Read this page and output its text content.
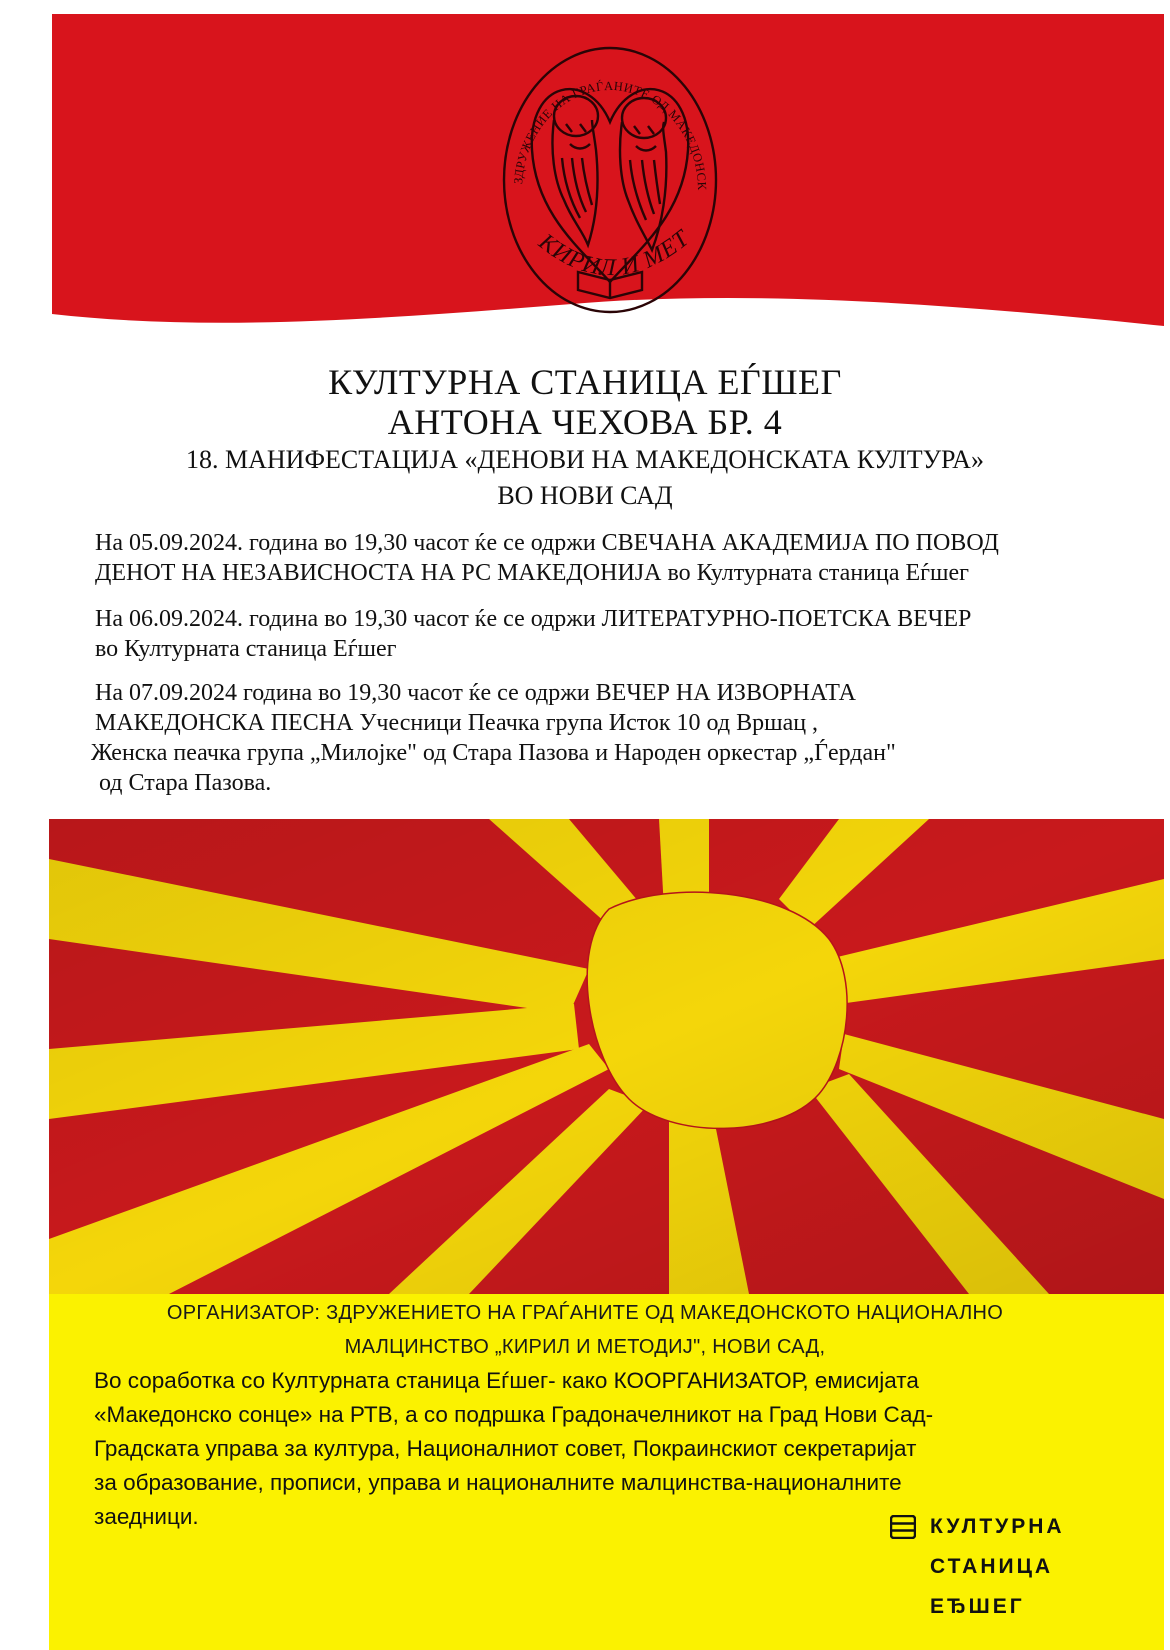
ЗДРУЖЕНИЕ НА ГРАЃАНИТЕ ОД МАКЕДОНСК
КИРИЛ И МЕТ
КУЛТУРНА СТАНИЦА ЕЃШЕГ
АНТОНА ЧЕХОВА БР. 4
18. МАНИФЕСТАЦИЈА «ДЕНОВИ НА МАКЕДОНСКАТА КУЛТУРА»
ВО НОВИ САД
На 05.09.2024. година во 19,30 часот ќе се одржи СВЕЧАНА АКАДЕМИЈА ПО ПОВОД
ДЕНОТ НА НЕЗАВИСНОСТА НА РС МАКЕДОНИЈА во Културната станица Еѓшег
На 06.09.2024. година во 19,30 часот ќе се одржи ЛИТЕРАТУРНО-ПОЕТСКА ВЕЧЕР
во Културната станица Еѓшег
На 07.09.2024 година во 19,30 часот ќе се одржи ВЕЧЕР НА ИЗВОРНАТА
МАКЕДОНСКА ПЕСНА Учесници Пеачка група Исток 10 од Вршац ,
Женска пеачка група „Милојке" од Стара Пазова и Народен оркестар „Ѓердан"
од Стара Пазова.
ОРГАНИЗАТОР: ЗДРУЖЕНИЕТО НА ГРАЃАНИТЕ ОД МАКЕДОНСКОТО НАЦИОНАЛНО
МАЛЦИНСТВО „КИРИЛ И МЕТОДИЈ", НОВИ САД,
Во соработка со Културната станица Еѓшег- како КООРГАНИЗАТОР, емисијата
«Македонско сонце» на РТВ, а со подршка Градоначелникот на Град Нови Сад-
Градската управа за култура, Националниот совет, Покраинскиот секретаријат
за образование, прописи, управа и националните малцинства-националните
заедници.	КУЛТУРНА
СТАНИЦА
ЕЂШЕГ
